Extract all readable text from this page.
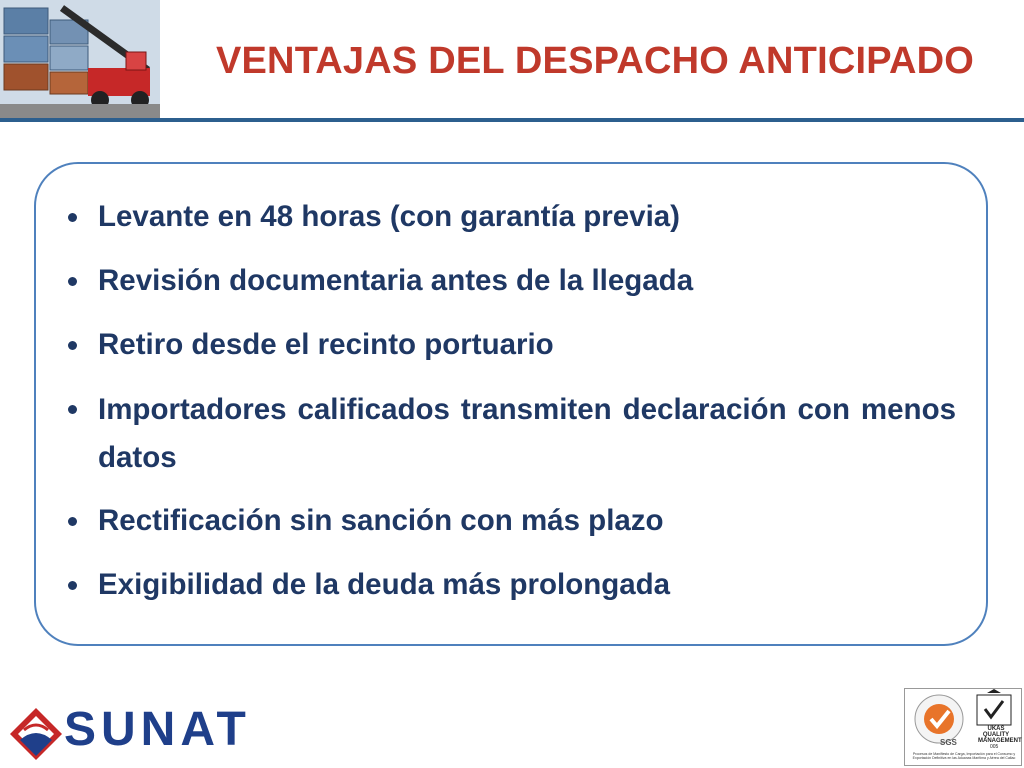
VENTAJAS DEL DESPACHO ANTICIPADO
Levante en 48 horas (con garantía previa)
Revisión documentaria antes de la llegada
Retiro desde el recinto portuario
Importadores calificados transmiten declaración con menos datos
Rectificación sin sanción con más plazo
Exigibilidad de la deuda más prolongada
SUNAT	SGS
UKAS
QUALITY MANAGEMENT
005
Procesos de Manifiesto de Carga, Importación para el Consumo y Exportación Definitiva en las Aduanas Marítima y Aérea del Callao
